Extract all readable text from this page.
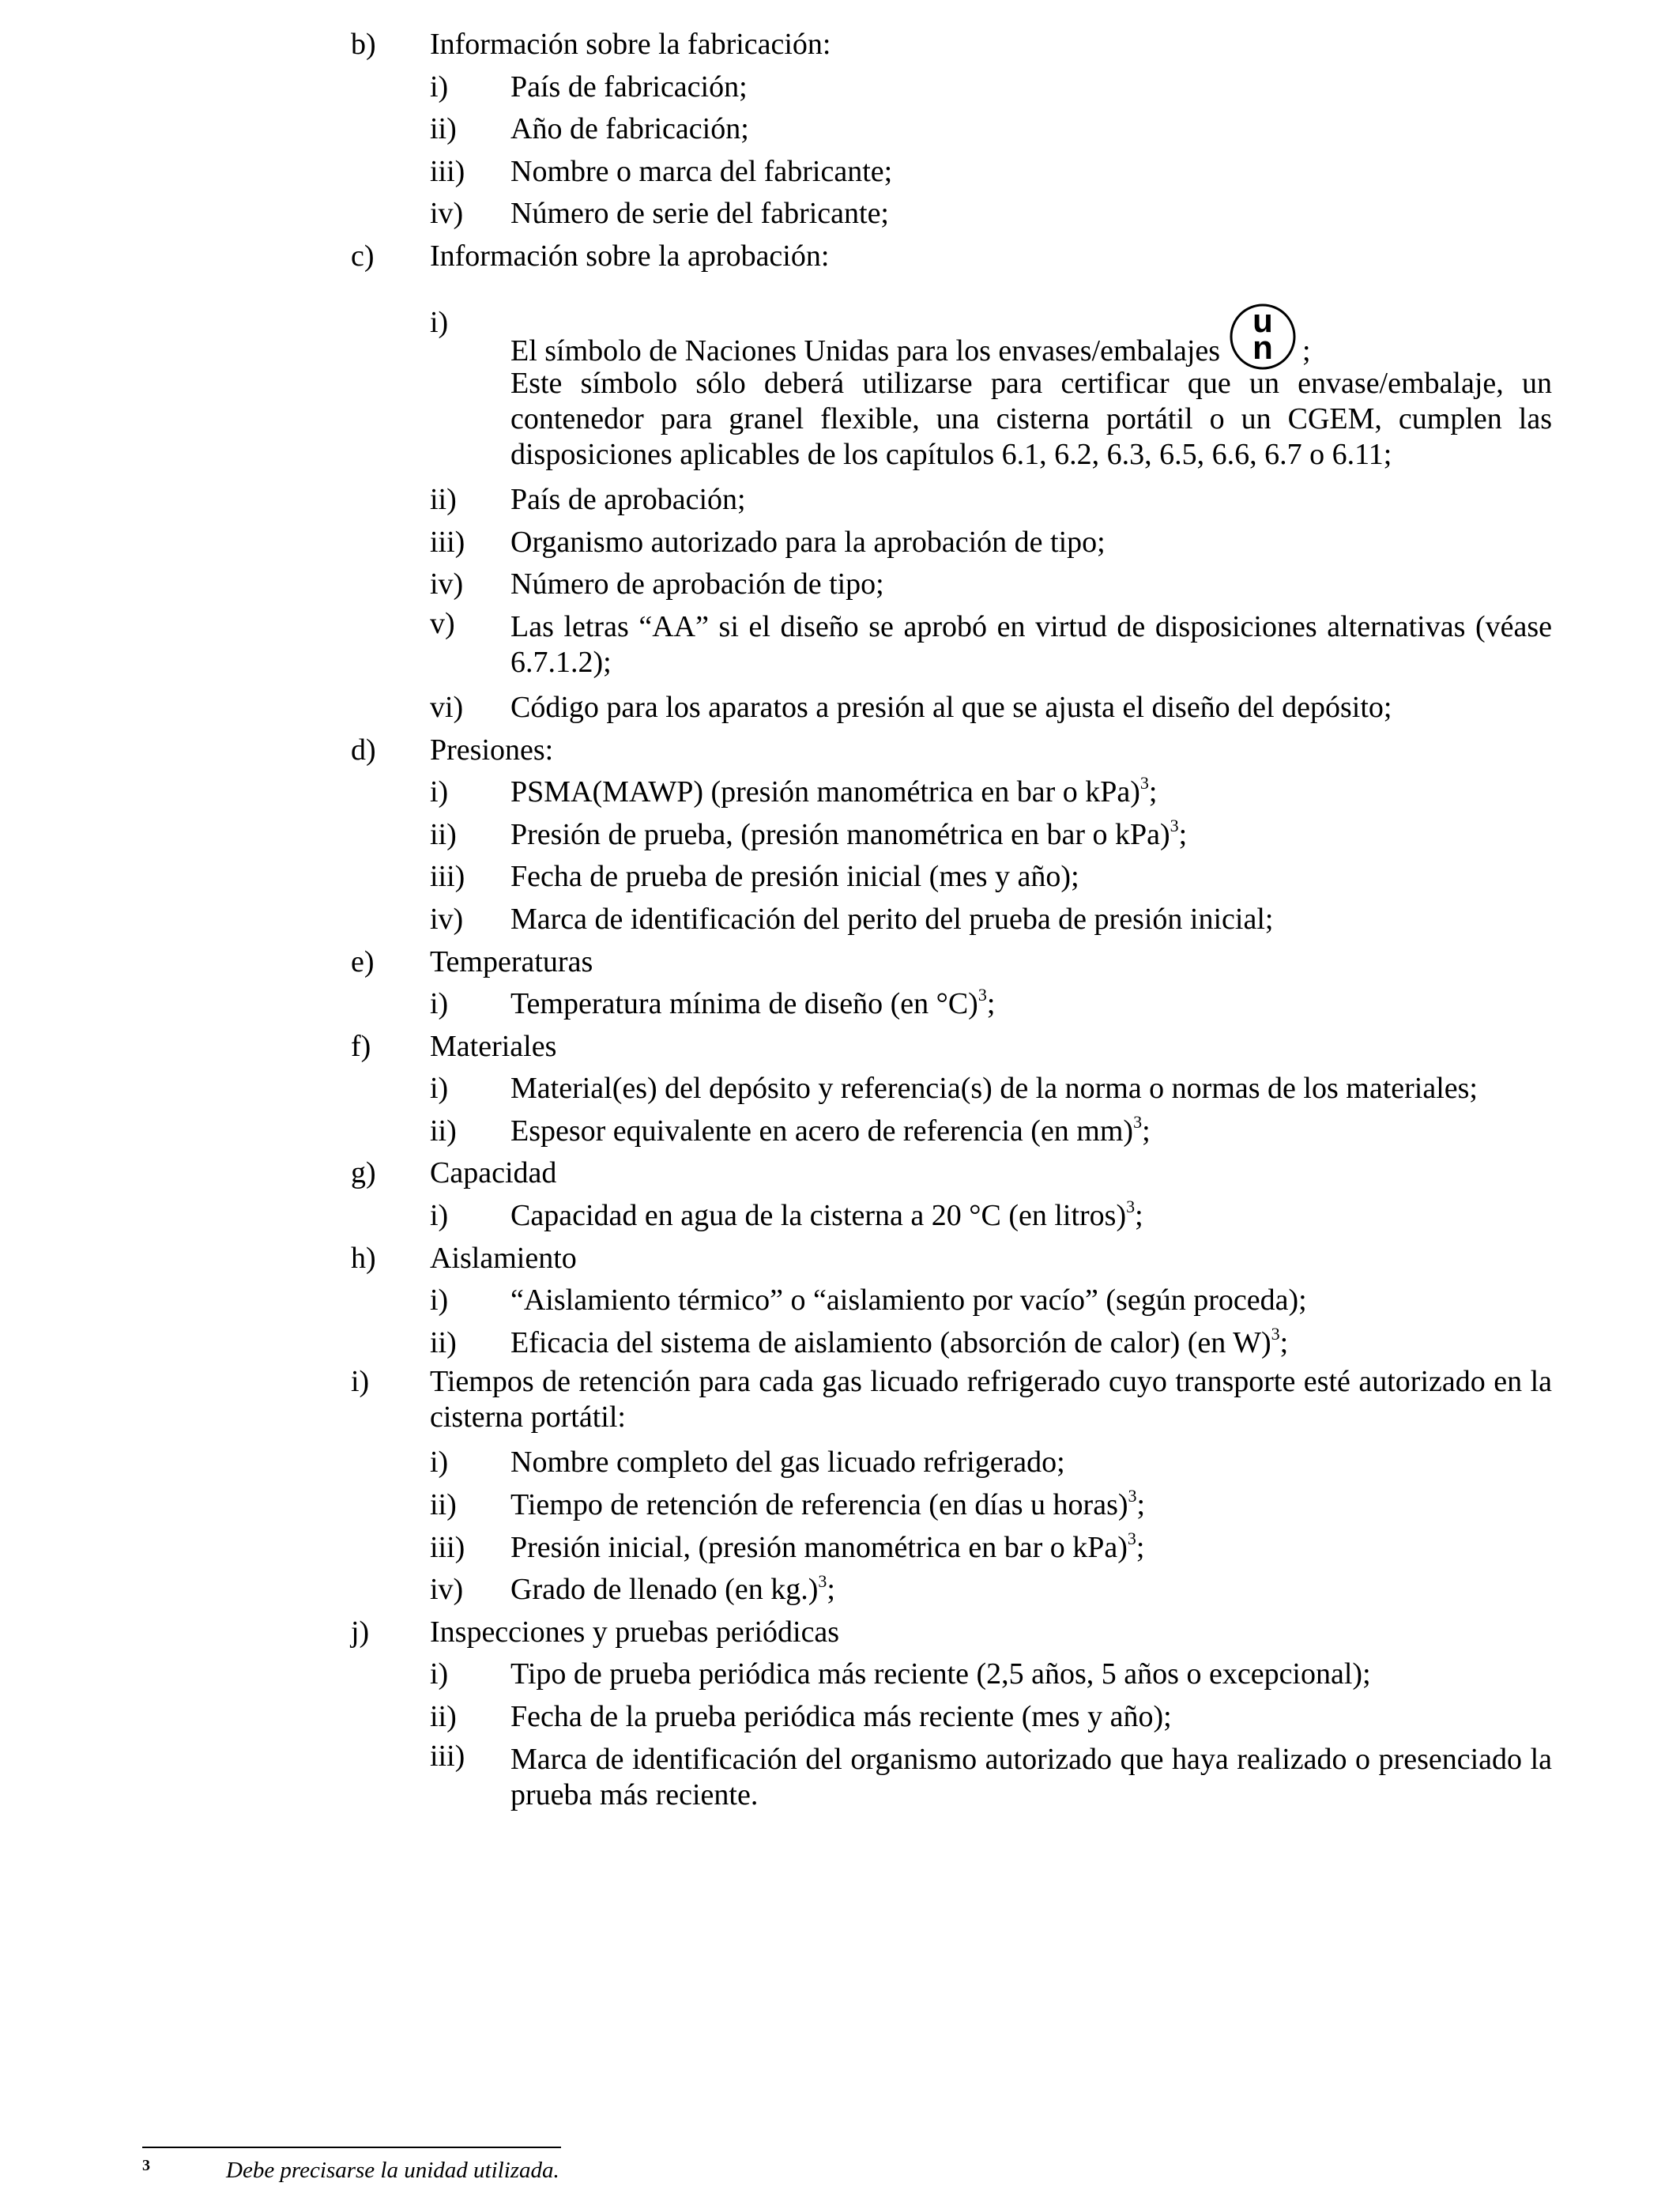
b) Información sobre la fabricación:
i) País de fabricación;
ii) Año de fabricación;
iii) Nombre o marca del fabricante;
iv) Número de serie del fabricante;
c) Información sobre la aprobación:
i)
El símbolo de Naciones Unidas para los envases/embalajes
u
n ;
Este símbolo sólo deberá utilizarse para certificar que un envase/embalaje, un contenedor para granel flexible, una cisterna portátil o un CGEM, cumplen las disposiciones aplicables de los capítulos 6.1, 6.2, 6.3, 6.5, 6.6, 6.7 o 6.11;
ii) País de aprobación;
iii) Organismo autorizado para la aprobación de tipo;
iv) Número de aprobación de tipo;
v) Las letras “AA” si el diseño se aprobó en virtud de disposiciones alternativas (véase 6.7.1.2);
vi) Código para los aparatos a presión al que se ajusta el diseño del depósito;
d) Presiones:
i) PSMA(MAWP) (presión manométrica en bar o kPa)$^3$;
ii) Presión de prueba, (presión manométrica en bar o kPa)$^3$;
iii) Fecha de prueba de presión inicial (mes y año);
iv) Marca de identificación del perito del prueba de presión inicial;
e) Temperaturas
i) Temperatura mínima de diseño (en °C)$^3$;
f) Materiales
i) Material(es) del depósito y referencia(s) de la norma o normas de los materiales;
ii) Espesor equivalente en acero de referencia (en mm)$^3$;
g) Capacidad
i) Capacidad en agua de la cisterna a 20 °C (en litros)$^3$;
h) Aislamiento
i) “Aislamiento térmico” o “aislamiento por vacío” (según proceda);
ii) Eficacia del sistema de aislamiento (absorción de calor) (en W)$^3$;
i) Tiempos de retención para cada gas licuado refrigerado cuyo transporte esté autorizado en la cisterna portátil:
i) Nombre completo del gas licuado refrigerado;
ii) Tiempo de retención de referencia (en días u horas)$^3$;
iii) Presión inicial, (presión manométrica en bar o kPa)$^3$;
iv) Grado de llenado (en kg.)$^3$;
j) Inspecciones y pruebas periódicas
i) Tipo de prueba periódica más reciente (2,5 años, 5 años o excepcional);
ii) Fecha de la prueba periódica más reciente (mes y año);
iii) Marca de identificación del organismo autorizado que haya realizado o presenciado la prueba más reciente.
3	Debe precisarse la unidad utilizada.
